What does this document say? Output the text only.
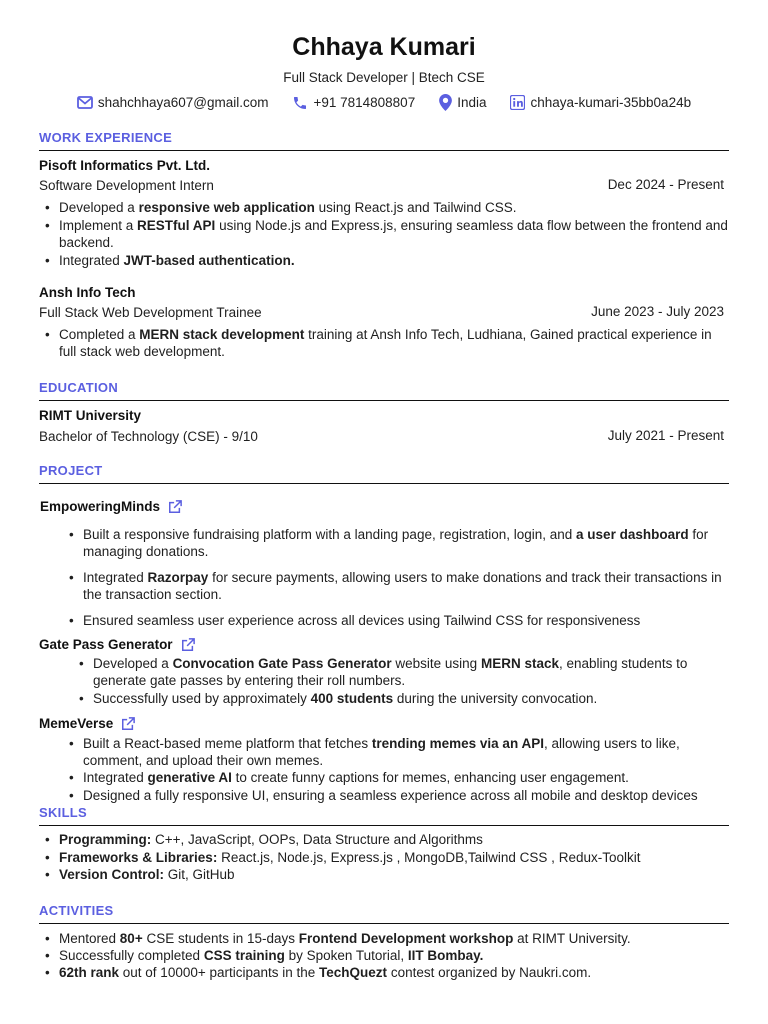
Chhaya Kumari
Full Stack Developer | Btech CSE
shahchhaya607@gmail.com	+91 7814808807	India	chhaya-kumari-35bb0a24b
WORK EXPERIENCE
Pisoft Informatics Pvt. Ltd.
Software Development Intern	Dec 2024 - Present
• Developed a responsive web application using React.js and Tailwind CSS.
• Implement a RESTful API using Node.js and Express.js, ensuring seamless data flow between the frontend and backend.
• Integrated JWT-based authentication.
Ansh Info Tech
Full Stack Web Development Trainee	June 2023 - July 2023
• Completed a MERN stack development training at Ansh Info Tech, Ludhiana, Gained practical experience in full stack web development.
EDUCATION
RIMT University
Bachelor of Technology (CSE) - 9/10	July 2021 - Present
PROJECT
EmpoweringMinds
• Built a responsive fundraising platform with a landing page, registration, login, and a user dashboard for managing donations.
• Integrated Razorpay for secure payments, allowing users to make donations and track their transactions in the transaction section.
• Ensured seamless user experience across all devices using Tailwind CSS for responsiveness
Gate Pass Generator
• Developed a Convocation Gate Pass Generator website using MERN stack, enabling students to generate gate passes by entering their roll numbers.
• Successfully used by approximately 400 students during the university convocation.
MemeVerse
• Built a React-based meme platform that fetches trending memes via an API, allowing users to like, comment, and upload their own memes.
• Integrated generative AI to create funny captions for memes, enhancing user engagement.
• Designed a fully responsive UI, ensuring a seamless experience across all mobile and desktop devices
SKILLS
• Programming: C++, JavaScript, OOPs, Data Structure and Algorithms
• Frameworks & Libraries: React.js, Node.js, Express.js , MongoDB,Tailwind CSS , Redux-Toolkit
• Version Control: Git, GitHub
ACTIVITIES
• Mentored 80+ CSE students in 15-days Frontend Development workshop at RIMT University.
• Successfully completed CSS training by Spoken Tutorial, IIT Bombay.
• 62th rank out of 10000+ participants in the TechQuezt contest organized by Naukri.com.
